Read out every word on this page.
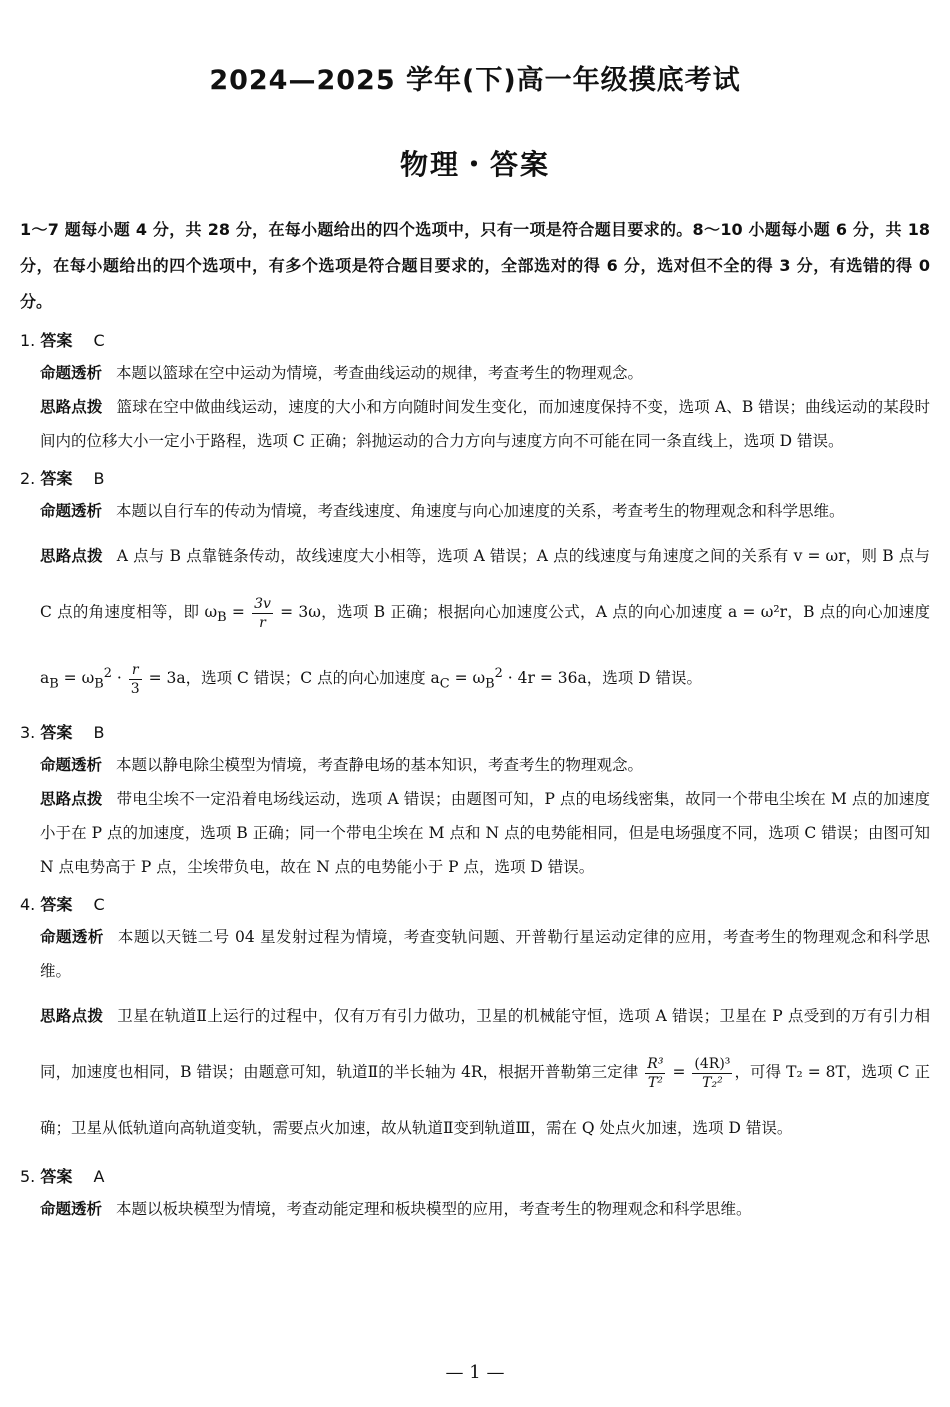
2024—2025 学年(下)高一年级摸底考试
物理・答案
1～7 题每小题 4 分，共 28 分，在每小题给出的四个选项中，只有一项是符合题目要求的。8～10 小题每小题 6 分，共 18 分，在每小题给出的四个选项中，有多个选项是符合题目要求的，全部选对的得 6 分，选对但不全的得 3 分，有选错的得 0 分。
1. 答案 C
命题透析 本题以篮球在空中运动为情境，考查曲线运动的规律，考查考生的物理观念。
思路点拨 篮球在空中做曲线运动，速度的大小和方向随时间发生变化，而加速度保持不变，选项 A、B 错误；曲线运动的某段时间内的位移大小一定小于路程，选项 C 正确；斜抛运动的合力方向与速度方向不可能在同一条直线上，选项 D 错误。
2. 答案 B
命题透析 本题以自行车的传动为情境，考查线速度、角速度与向心加速度的关系，考查考生的物理观念和科学思维。
思路点拨 A 点与 B 点靠链条传动，故线速度大小相等，选项 A 错误；A 点的线速度与角速度之间的关系有 v = ωr，则 B 点与 C 点的角速度相等，即 $\omega_B = \frac{3v}{r} = 3\omega$，选项 B 正确；根据向心加速度公式，A 点的向心加速度 a = ω²r，B 点的向心加速度 $a_B = \omega_B^2 \cdot \frac{r}{3} = 3a$，选项 C 错误；C 点的向心加速度 $a_C = \omega_B^2 \cdot 4r = 36a$，选项 D 错误。
3. 答案 B
命题透析 本题以静电除尘模型为情境，考查静电场的基本知识，考查考生的物理观念。
思路点拨 带电尘埃不一定沿着电场线运动，选项 A 错误；由题图可知，P 点的电场线密集，故同一个带电尘埃在 M 点的加速度小于在 P 点的加速度，选项 B 正确；同一个带电尘埃在 M 点和 N 点的电势能相同，但是电场强度不同，选项 C 错误；由图可知 N 点电势高于 P 点，尘埃带负电，故在 N 点的电势能小于 P 点，选项 D 错误。
4. 答案 C
命题透析 本题以天链二号 04 星发射过程为情境，考查变轨问题、开普勒行星运动定律的应用，考查考生的物理观念和科学思维。
思路点拨 卫星在轨道Ⅱ上运行的过程中，仅有万有引力做功，卫星的机械能守恒，选项 A 错误；卫星在 P 点受到的万有引力相同，加速度也相同，B 错误；由题意可知，轨道Ⅱ的半长轴为 4R，根据开普勒第三定律 $\frac{\text{R³}}{\text{T²}} = \frac{\text{(4R)³}}{\text{T₂²}}$ ，可得 T₂ = 8T，选项 C 正确；卫星从低轨道向高轨道变轨，需要点火加速，故从轨道Ⅱ变到轨道Ⅲ，需在 Q 处点火加速，选项 D 错误。
5. 答案 A
命题透析 本题以板块模型为情境，考查动能定理和板块模型的应用，考查考生的物理观念和科学思维。
— 1 —
